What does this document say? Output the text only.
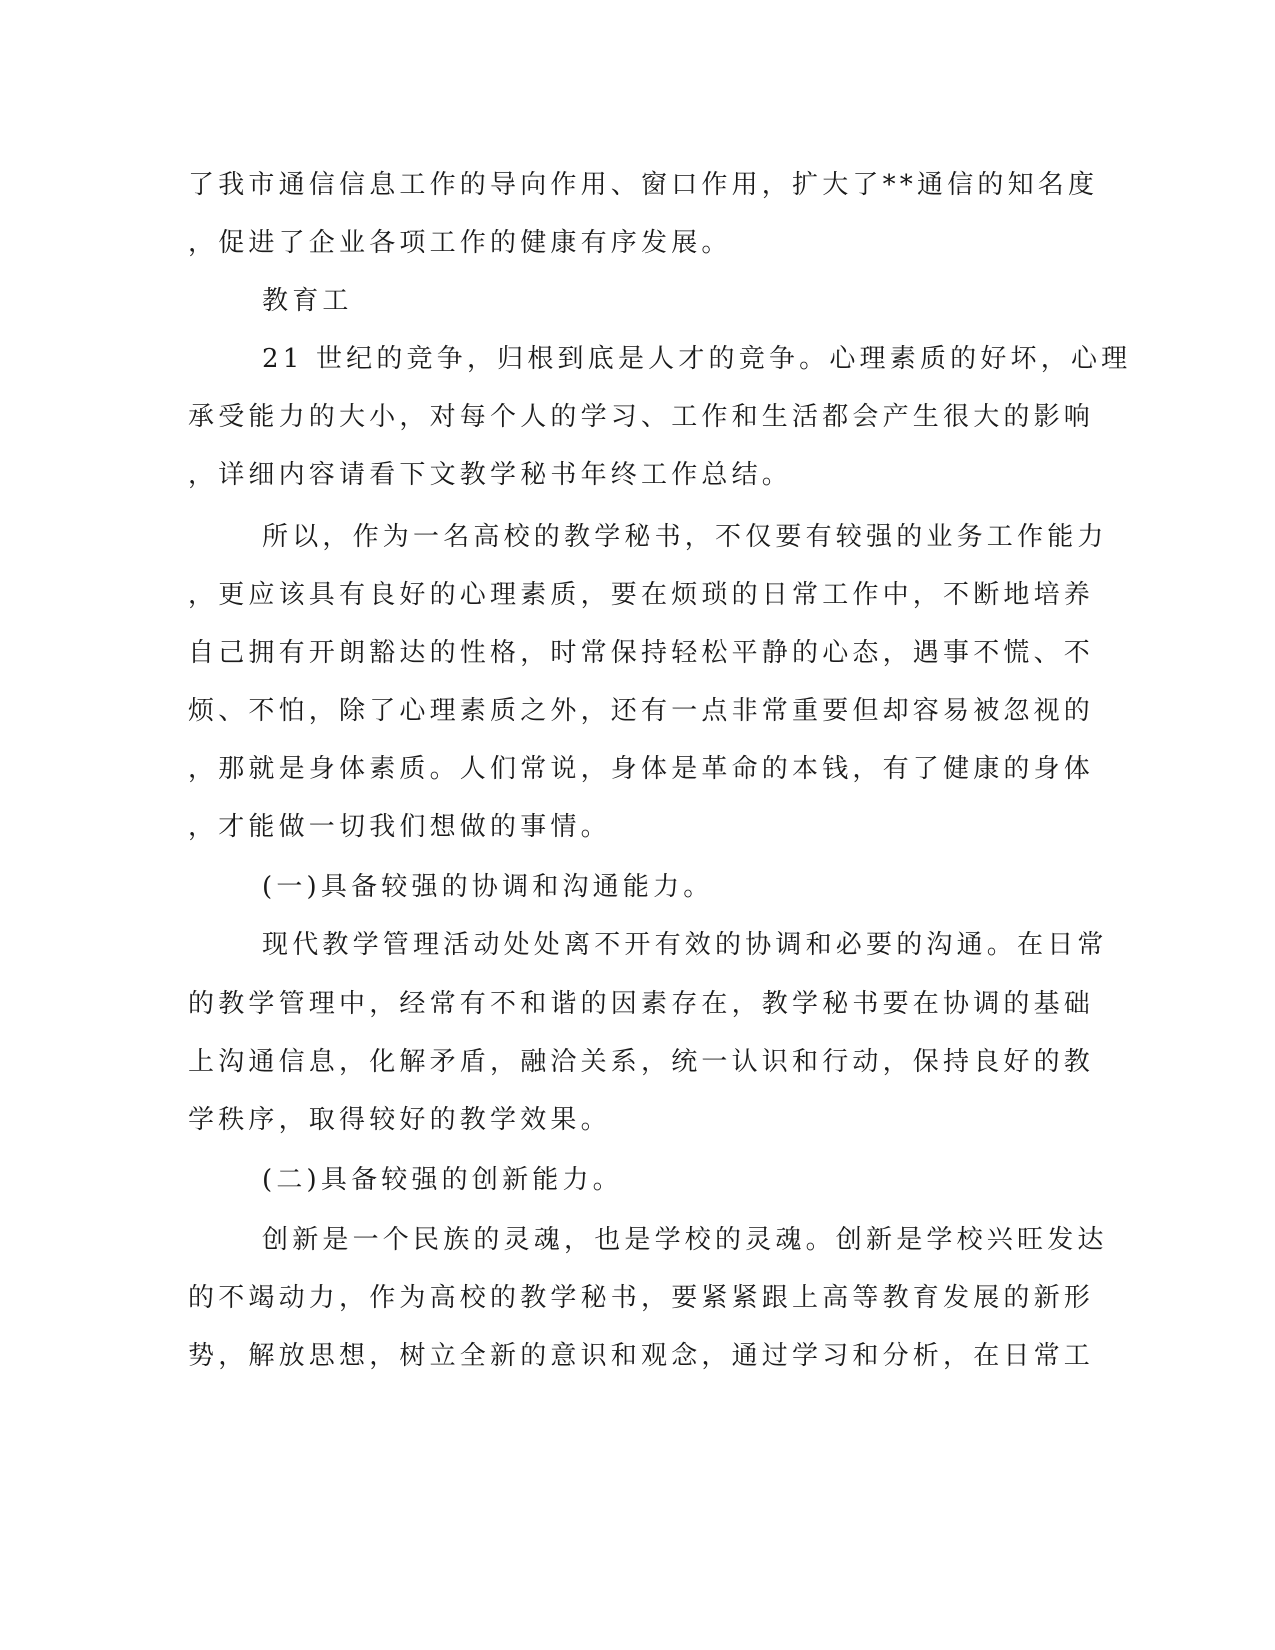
了我市通信信息工作的导向作用、窗口作用，扩大了**通信的知名度
，促进了企业各项工作的健康有序发展。
教育工
21 世纪的竞争，归根到底是人才的竞争。心理素质的好坏，心理
承受能力的大小，对每个人的学习、工作和生活都会产生很大的影响
，详细内容请看下文教学秘书年终工作总结。
所以，作为一名高校的教学秘书，不仅要有较强的业务工作能力
，更应该具有良好的心理素质，要在烦琐的日常工作中，不断地培养
自己拥有开朗豁达的性格，时常保持轻松平静的心态，遇事不慌、不
烦、不怕，除了心理素质之外，还有一点非常重要但却容易被忽视的
，那就是身体素质。人们常说，身体是革命的本钱，有了健康的身体
，才能做一切我们想做的事情。
(一)具备较强的协调和沟通能力。
现代教学管理活动处处离不开有效的协调和必要的沟通。在日常
的教学管理中，经常有不和谐的因素存在，教学秘书要在协调的基础
上沟通信息，化解矛盾，融洽关系，统一认识和行动，保持良好的教
学秩序，取得较好的教学效果。
(二)具备较强的创新能力。
创新是一个民族的灵魂，也是学校的灵魂。创新是学校兴旺发达
的不竭动力，作为高校的教学秘书，要紧紧跟上高等教育发展的新形
势，解放思想，树立全新的意识和观念，通过学习和分析，在日常工
